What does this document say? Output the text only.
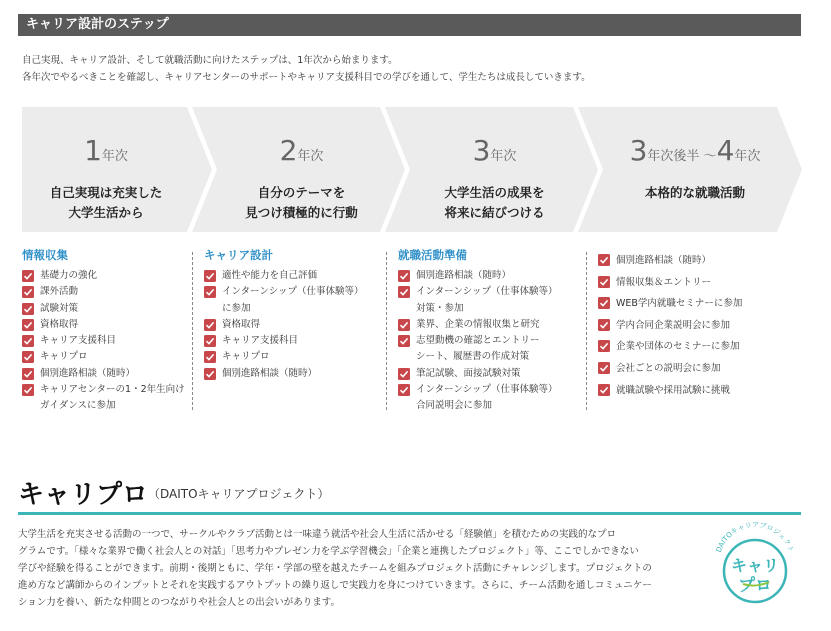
キャリア設計のステップ
自己実現、キャリア設計、そして就職活動に向けたステップは、1年次から始まります。
各年次でやるべきことを確認し、キャリアセンターのサポートやキャリア支援科目での学びを通して、学生たちは成長していきます。
1年次
自己実現は充実した
大学生活から
2年次
自分のテーマを
見つけ積極的に行動
3年次
大学生活の成果を
将来に結びつける
3年次後半 ～4年次
本格的な就職活動
情報収集
基礎力の強化
課外活動
試験対策
資格取得
キャリア支援科目
キャリプロ
個別進路相談（随時）
キャリアセンターの1・2年生向けガイダンスに参加
キャリア設計
適性や能力を自己評価
インターンシップ（仕事体験等）
に参加
資格取得
キャリア支援科目
キャリプロ
個別進路相談（随時）
就職活動準備
個別進路相談（随時）
インターンシップ（仕事体験等）
対策・参加
業界、企業の情報収集と研究
志望動機の確認とエントリー
シート、履歴書の作成対策
筆記試験、面接試験対策
インターンシップ（仕事体験等）
合同説明会に参加
個別進路相談（随時）
情報収集＆エントリー
WEB学内就職セミナーに参加
学内合同企業説明会に参加
企業や団体のセミナーに参加
会社ごとの説明会に参加
就職試験や採用試験に挑戦
キャリプロ （DAITOキャリアプロジェクト）
大学生活を充実させる活動の一つで、サークルやクラブ活動とは一味違う就活や社会人生活に活かせる「経験値」を積むための実践的なプロ
グラムです。「様々な業界で働く社会人との対話」「思考力やプレゼン力を学ぶ学習機会」「企業と連携したプロジェクト」等、ここでしかできない
学びや経験を得ることができます。前期・後期ともに、学年・学部の壁を越えたチームを組みプロジェクト活動にチャレンジします。プロジェクトの
進め方など講師からのインプットとそれを実践するアウトプットの繰り返しで実践力を身につけていきます。さらに、チーム活動を通しコミュニケー
ション力を養い、新たな仲間とのつながりや社会人との出会いがあります。
DAITOキャリアプロジェクト
キャリ
プロ
